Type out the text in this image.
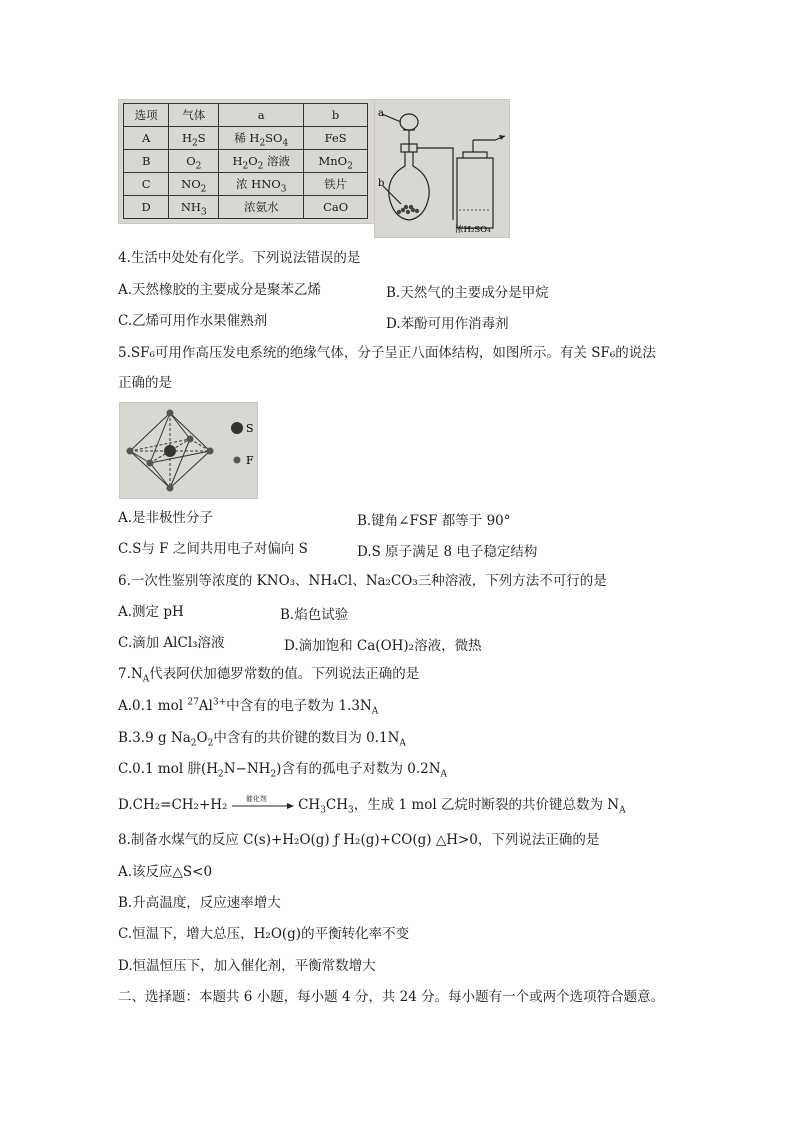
选项	气体	a	b
A	$H_2S$	稀 $H_2SO_4$	FeS
B	$O_2$	$H_2O_2$ 溶液	MnO$_2$
C	$NO_2$	浓 $HNO_3$	铁片
D	$NH_3$	浓氨水	CaO
a
b
浓H₂SO₄
4.生活中处处有化学。下列说法错误的是
A.天然橡胶的主要成分是聚苯乙烯	B.天然气的主要成分是甲烷
C.乙烯可用作水果催熟剂	D.苯酚可用作消毒剂
5.SF₆可用作高压发电系统的绝缘气体，分子呈正八面体结构，如图所示。有关 SF₆的说法
正确的是
S
F
A.是非极性分子	B.键角∠FSF 都等于 90°
C.S与 F 之间共用电子对偏向 S	D.S 原子满足 8 电子稳定结构
6.一次性鉴别等浓度的 KNO₃、NH₄Cl、Na₂CO₃三种溶液，下列方法不可行的是
A.测定 pH	B.焰色试验
C.滴加 AlCl₃溶液	D.滴加饱和 Ca(OH)₂溶液，微热
$7.N_A$代表阿伏加德罗常数的值。下列说法正确的是
A.0.1 mol $^{27}Al^{3+}$中含有的电子数为 $1.3N_A$
B.3.9 g $Na_2O_2$中含有的共价键的数目为 $0.1N_A$
C.0.1 mol 肼$(H_2N-NH_2)$含有的孤电子对数为 $0.2N_A$
D.CH₂=CH₂+H₂	催化剂 $CH_3CH_3$，生成 1 mol 乙烷时断裂的共价键总数为 $N_A$
8.制备水煤气的反应 C(s)+H₂O(g) ƒ H₂(g)+CO(g) △H>0，下列说法正确的是
A.该反应△S<0
B.升高温度，反应速率增大
C.恒温下，增大总压，H₂O(g)的平衡转化率不变
D.恒温恒压下，加入催化剂，平衡常数增大
二、选择题：本题共 6 小题，每小题 4 分，共 24 分。每小题有一个或两个选项符合题意。
